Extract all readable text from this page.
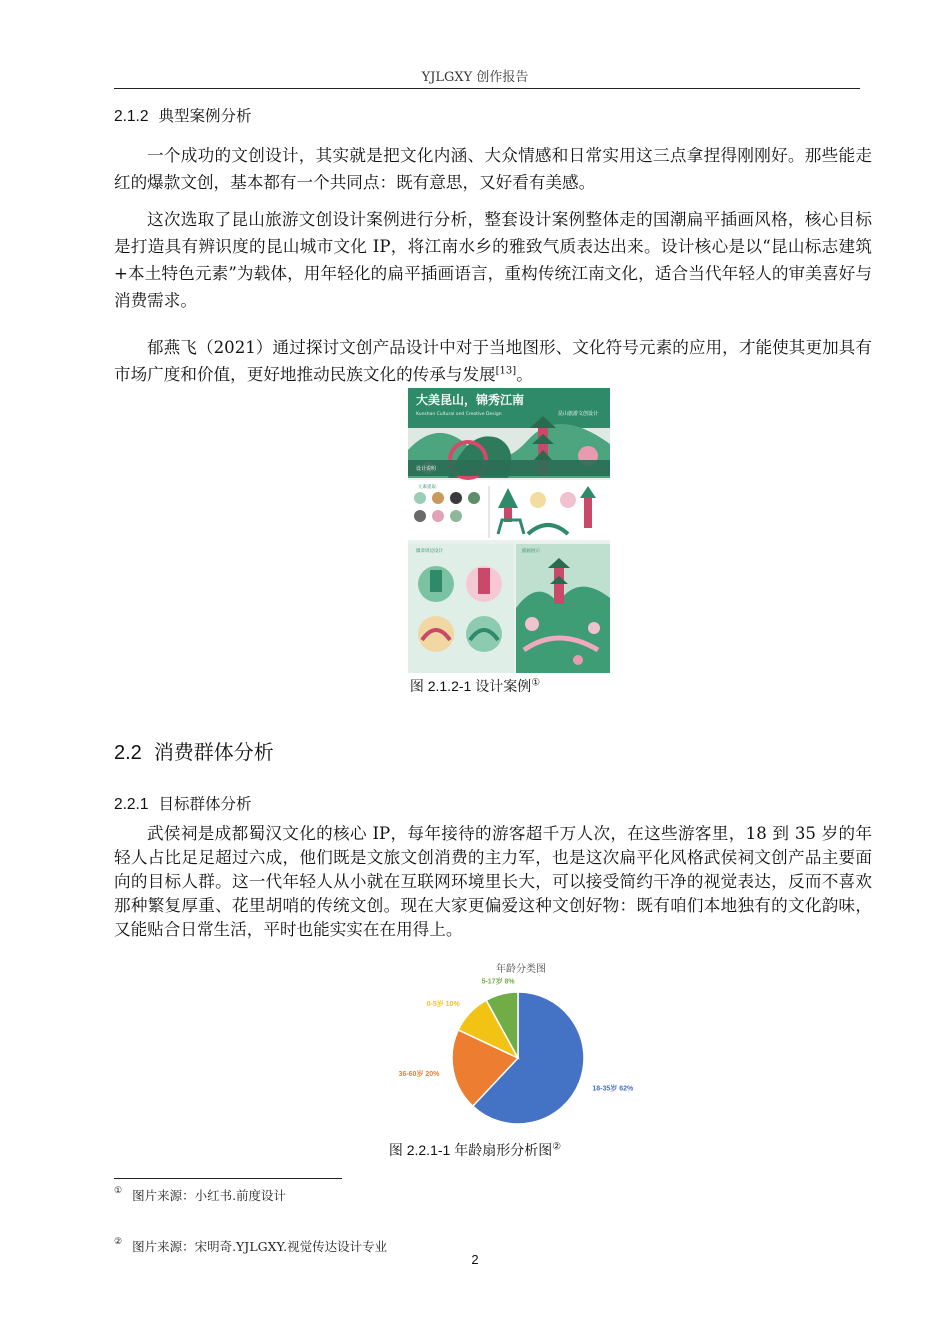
YJLGXY 创作报告
2.1.2 典型案例分析
一个成功的文创设计，其实就是把文化内涵、大众情感和日常实用这三点拿捏得刚刚好。那些能走红的爆款文创，基本都有一个共同点：既有意思，又好看有美感。
这次选取了昆山旅游文创设计案例进行分析，整套设计案例整体走的国潮扁平插画风格，核心目标是打造具有辨识度的昆山城市文化 IP，将江南水乡的雅致气质表达出来。设计核心是以“昆山标志建筑+本土特色元素”为载体，用年轻化的扁平插画语言，重构传统江南文化，适合当代年轻人的审美喜好与消费需求。
郁燕飞（2021）通过探讨文创产品设计中对于当地图形、文化符号元素的应用，才能使其更加具有市场广度和价值，更好地推动民族文化的传承与发展[13]。
大美昆山，锦秀江南
Kunshan Cultural and Creative Design	昆山旅游文创设计
设计说明
元素提取
徽章周边设计	插画展示
图 2.1.2-1 设计案例①
2.2 消费群体分析
2.2.1 目标群体分析
武侯祠是成都蜀汉文化的核心 IP，每年接待的游客超千万人次，在这些游客里，18 到 35 岁的年轻人占比足足超过六成，他们既是文旅文创消费的主力军，也是这次扁平化风格武侯祠文创产品主要面向的目标人群。这一代年轻人从小就在互联网环境里长大，可以接受简约干净的视觉表达，反而不喜欢那种繁复厚重、花里胡哨的传统文创。现在大家更偏爱这种文创好物：既有咱们本地独有的文化韵味，又能贴合日常生活，平时也能实实在在用得上。
年龄分类图
18-35岁 62%
36-60岁 20%
0-5岁 10%
5-17岁 8%
图 2.2.1-1 年龄扇形分析图②
① 图片来源：小红书.前度设计
② 图片来源：宋明奇.YJLGXY.视觉传达设计专业
2
